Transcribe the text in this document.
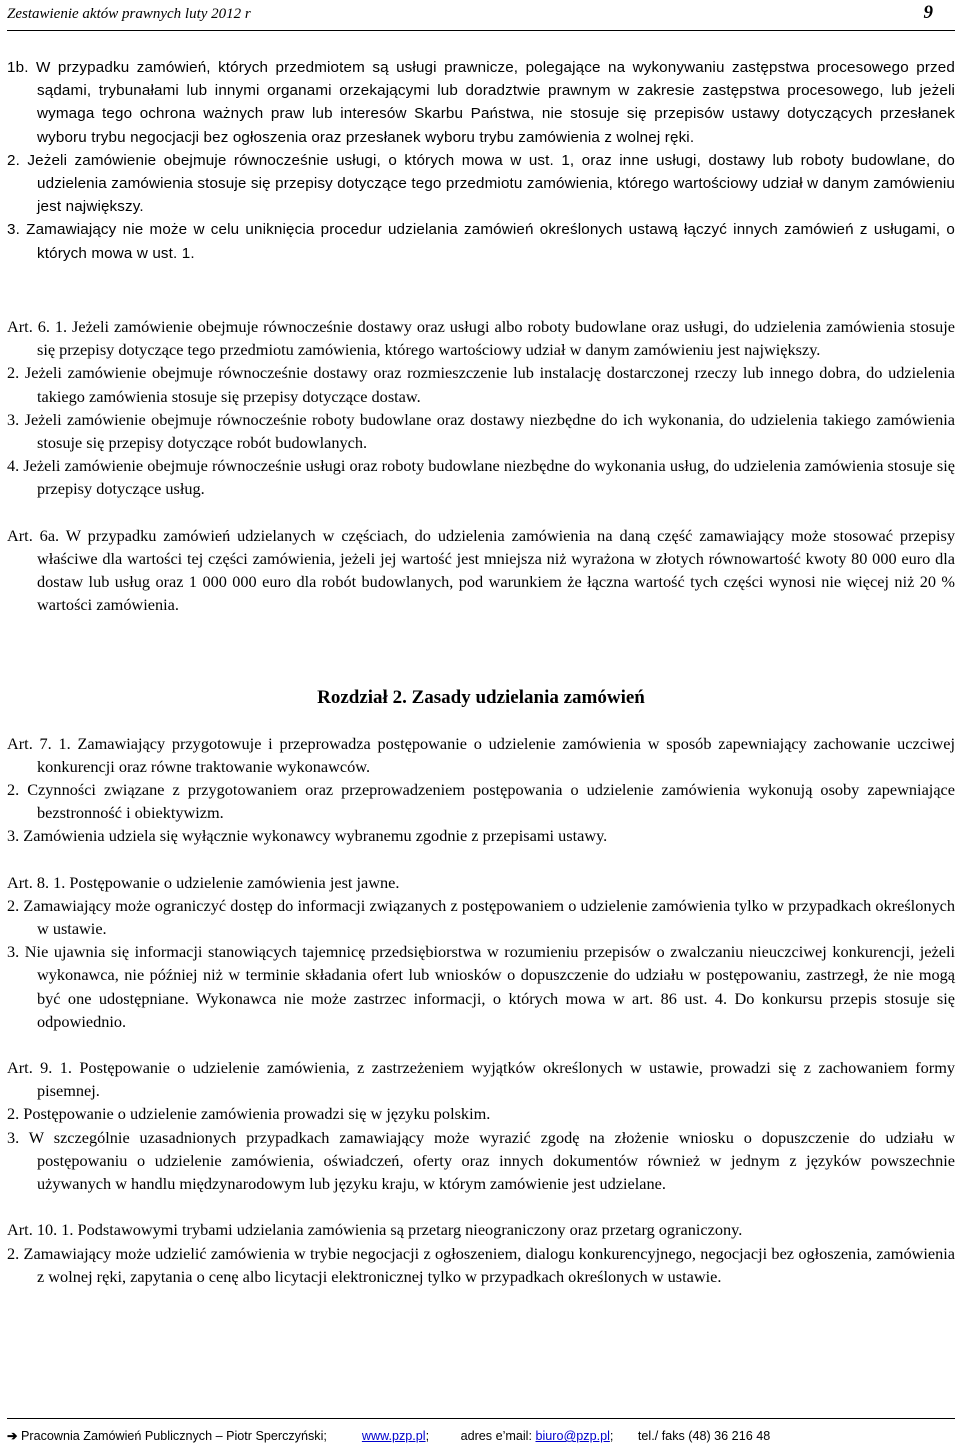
Zestawienie aktów prawnych luty 2012 r	9

1b. W przypadku zamówień, których przedmiotem są usługi prawnicze, polegające na wykonywaniu zastępstwa procesowego przed sądami, trybunałami lub innymi organami orzekającymi lub doradztwie prawnym w zakresie zastępstwa procesowego, lub jeżeli wymaga tego ochrona ważnych praw lub interesów Skarbu Państwa, nie stosuje się przepisów ustawy dotyczących przesłanek wyboru trybu negocjacji bez ogłoszenia oraz przesłanek wyboru trybu zamówienia z wolnej ręki.

2. Jeżeli zamówienie obejmuje równocześnie usługi, o których mowa w ust. 1, oraz inne usługi, dostawy lub roboty budowlane, do udzielenia zamówienia stosuje się przepisy dotyczące tego przedmiotu zamówienia, którego wartościowy udział w danym zamówieniu jest największy.

3. Zamawiający nie może w celu uniknięcia procedur udzielania zamówień określonych ustawą łączyć innych zamówień z usługami, o których mowa w ust. 1.

Art. 6. 1. Jeżeli zamówienie obejmuje równocześnie dostawy oraz usługi albo roboty budowlane oraz usługi, do udzielenia zamówienia stosuje się przepisy dotyczące tego przedmiotu zamówienia, którego wartościowy udział w danym zamówieniu jest największy.

2. Jeżeli zamówienie obejmuje równocześnie dostawy oraz rozmieszczenie lub instalację dostarczonej rzeczy lub innego dobra, do udzielenia takiego zamówienia stosuje się przepisy dotyczące dostaw.

3. Jeżeli zamówienie obejmuje równocześnie roboty budowlane oraz dostawy niezbędne do ich wykonania, do udzielenia takiego zamówienia stosuje się przepisy dotyczące robót budowlanych.

4. Jeżeli zamówienie obejmuje równocześnie usługi oraz roboty budowlane niezbędne do wykonania usług, do udzielenia zamówienia stosuje się przepisy dotyczące usług.

Art. 6a. W przypadku zamówień udzielanych w częściach, do udzielenia zamówienia na daną część zamawiający może stosować przepisy właściwe dla wartości tej części zamówienia, jeżeli jej wartość jest mniejsza niż wyrażona w złotych równowartość kwoty 80 000 euro dla dostaw lub usług oraz 1 000 000 euro dla robót budowlanych, pod warunkiem że łączna wartość tych części wynosi nie więcej niż 20 % wartości zamówienia.

Rozdział 2. Zasady udzielania zamówień

Art. 7. 1. Zamawiający przygotowuje i przeprowadza postępowanie o udzielenie zamówienia w sposób zapewniający zachowanie uczciwej konkurencji oraz równe traktowanie wykonawców.

2. Czynności związane z przygotowaniem oraz przeprowadzeniem postępowania o udzielenie zamówienia wykonują osoby zapewniające bezstronność i obiektywizm.

3. Zamówienia udziela się wyłącznie wykonawcy wybranemu zgodnie z przepisami ustawy.

Art. 8. 1. Postępowanie o udzielenie zamówienia jest jawne.

2. Zamawiający może ograniczyć dostęp do informacji związanych z postępowaniem o udzielenie zamówienia tylko w przypadkach określonych w ustawie.

3. Nie ujawnia się informacji stanowiących tajemnicę przedsiębiorstwa w rozumieniu przepisów o zwalczaniu nieuczciwej konkurencji, jeżeli wykonawca, nie później niż w terminie składania ofert lub wniosków o dopuszczenie do udziału w postępowaniu, zastrzegł, że nie mogą być one udostępniane. Wykonawca nie może zastrzec informacji, o których mowa w art. 86 ust. 4. Do konkursu przepis stosuje się odpowiednio.

Art. 9. 1. Postępowanie o udzielenie zamówienia, z zastrzeżeniem wyjątków określonych w ustawie, prowadzi się z zachowaniem formy pisemnej.

2. Postępowanie o udzielenie zamówienia prowadzi się w języku polskim.

3. W szczególnie uzasadnionych przypadkach zamawiający może wyrazić zgodę na złożenie wniosku o dopuszczenie do udziału w postępowaniu o udzielenie zamówienia, oświadczeń, oferty oraz innych dokumentów również w jednym z języków powszechnie używanych w handlu międzynarodowym lub języku kraju, w którym zamówienie jest udzielane.

Art. 10. 1. Podstawowymi trybami udzielania zamówienia są przetarg nieograniczony oraz przetarg ograniczony.

2. Zamawiający może udzielić zamówienia w trybie negocjacji z ogłoszeniem, dialogu konkurencyjnego, negocjacji bez ogłoszenia, zamówienia z wolnej ręki, zapytania o cenę albo licytacji elektronicznej tylko w przypadkach określonych w ustawie.

➔ Pracownia Zamówień Publicznych – Piotr Sperczyński;	www.pzp.pl;	adres e’mail: biuro@pzp.pl; tel./ faks (48) 36 216 48
